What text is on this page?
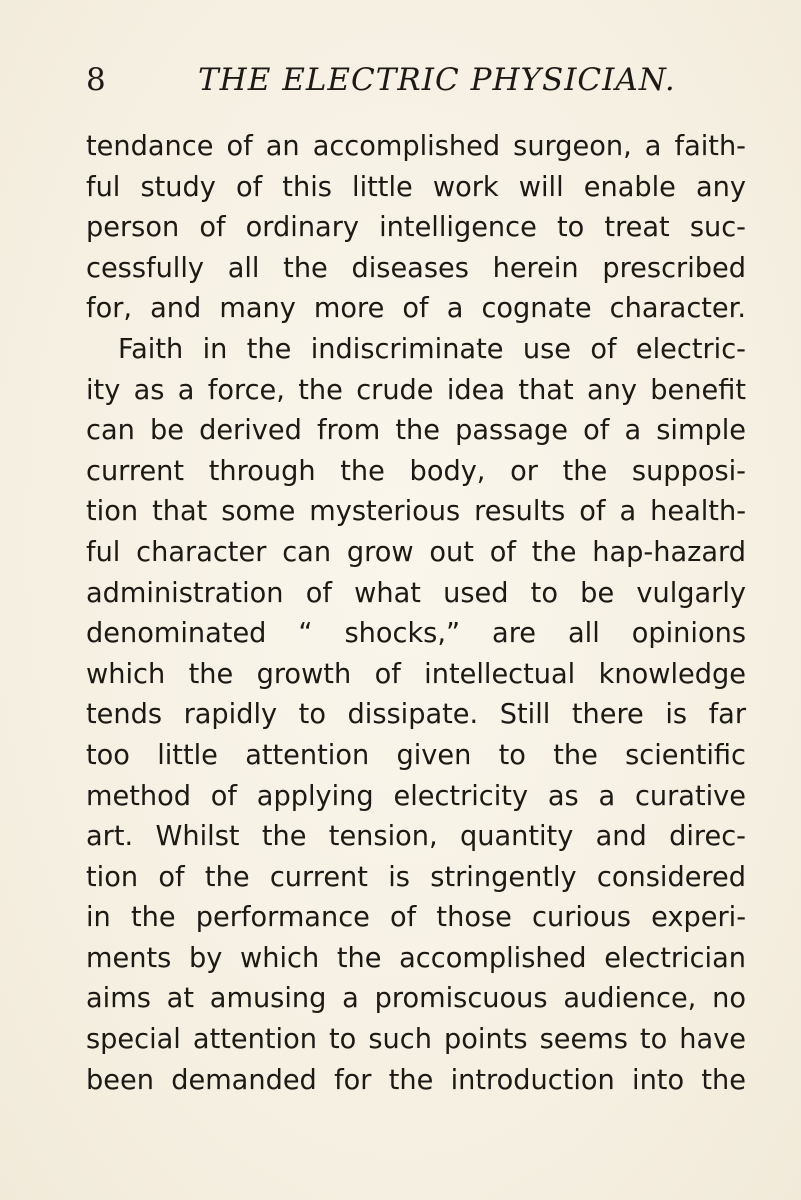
8	THE ELECTRIC PHYSICIAN.
tendance of an accomplished surgeon, a faith-
ful study of this little work will enable any
person of ordinary intelligence to treat suc-
cessfully all the diseases herein prescribed
for, and many more of a cognate character.
Faith in the indiscriminate use of electric-
ity as a force, the crude idea that any benefit
can be derived from the passage of a simple
current through the body, or the supposi-
tion that some mysterious results of a health-
ful character can grow out of the hap-hazard
administration of what used to be vulgarly
denominated “ shocks,” are all opinions
which the growth of intellectual knowledge
tends rapidly to dissipate. Still there is far
too little attention given to the scientific
method of applying electricity as a curative
art. Whilst the tension, quantity and direc-
tion of the current is stringently considered
in the performance of those curious experi-
ments by which the accomplished electrician
aims at amusing a promiscuous audience, no
special attention to such points seems to have
been demanded for the introduction into the
